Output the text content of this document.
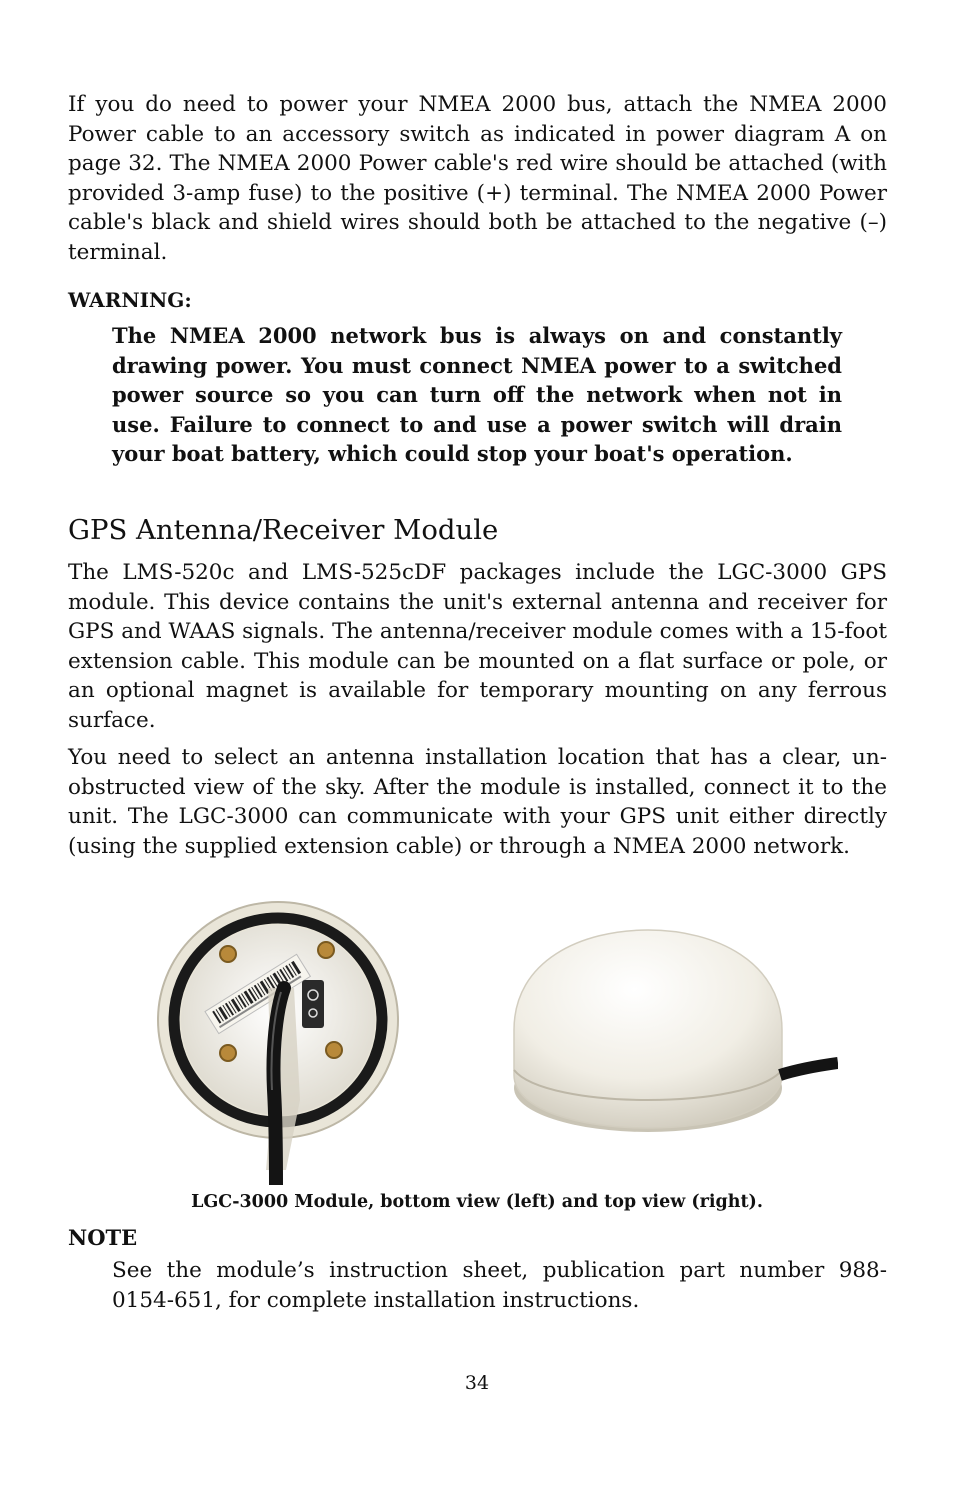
If you do need to power your NMEA 2000 bus, attach the NMEA 2000 Power cable to an accessory switch as indicated in power diagram A on page 32. The NMEA 2000 Power cable's red wire should be attached (with provided 3-amp fuse) to the positive (+) terminal. The NMEA 2000 Power cable's black and shield wires should both be attached to the negative (–) terminal.

WARNING:

The NMEA 2000 network bus is always on and constantly drawing power. You must connect NMEA power to a switched power source so you can turn off the network when not in use. Failure to connect to and use a power switch will drain your boat battery, which could stop your boat's operation.

GPS Antenna/Receiver Module

The LMS-520c and LMS-525cDF packages include the LGC-3000 GPS module. This device contains the unit's external antenna and receiver for GPS and WAAS signals. The antenna/receiver module comes with a 15-foot extension cable. This module can be mounted on a flat surface or pole, or an optional magnet is available for temporary mounting on any ferrous surface.

You need to select an antenna installation location that has a clear, un-obstructed view of the sky. After the module is installed, connect it to the unit. The LGC-3000 can communicate with your GPS unit either directly (using the supplied extension cable) or through a NMEA 2000 network.

LGC-3000 Module, bottom view (left) and top view (right).
NOTE

See the module’s instruction sheet, publication part number 988-0154-651, for complete installation instructions.

34
